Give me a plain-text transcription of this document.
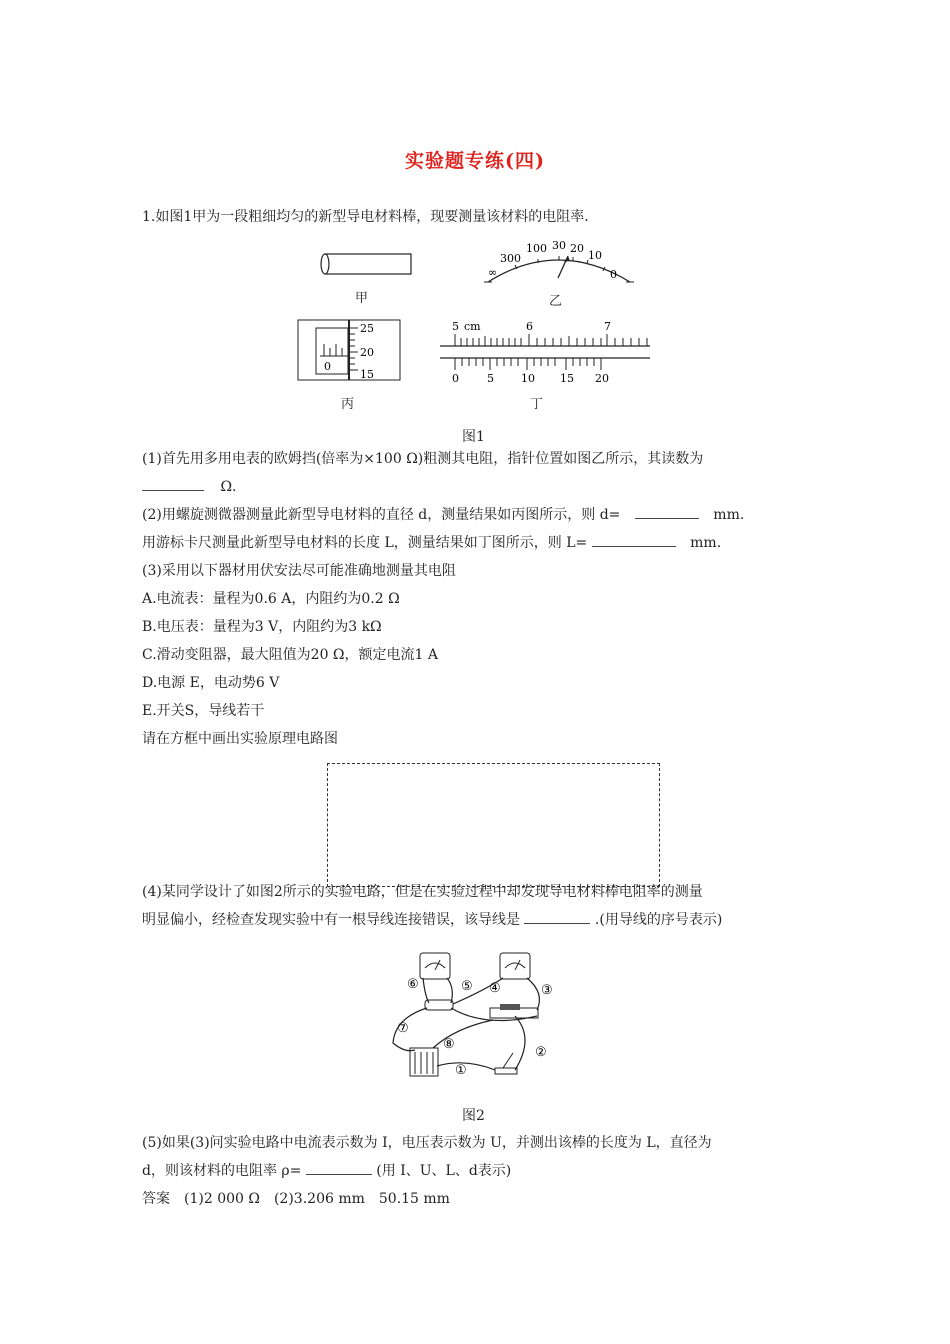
实验题专练(四)
1.如图1甲为一段粗细均匀的新型导电材料棒，现要测量该材料的电阻率.
甲
∞
300
100 30 20
10
0
乙
0
25
20
15
丙
5 cm	6	7
0	5 10 15 20
丁
图1
(1)首先用多用电表的欧姆挡(倍率为×100 Ω)粗测其电阻，指针位置如图乙所示，其读数为
Ω.
(2)用螺旋测微器测量此新型导电材料的直径 d，测量结果如丙图所示，则 d=	mm.
用游标卡尺测量此新型导电材料的长度 L，测量结果如丁图所示，则 L=	mm.
(3)采用以下器材用伏安法尽可能准确地测量其电阻
A.电流表：量程为0.6 A，内阻约为0.2 Ω
B.电压表：量程为3 V，内阻约为3 kΩ
C.滑动变阻器，最大阻值为20 Ω，额定电流1 A
D.电源 E，电动势6 V
E.开关S，导线若干
请在方框中画出实验原理电路图
(4)某同学设计了如图2所示的实验电路，但是在实验过程中却发现导电材料棒电阻率的测量
明显偏小，经检查发现实验中有一根导线连接错误，该导线是	.(用导线的序号表示)
⑥	⑤ ④	③
⑦
⑧
②
①
图2
(5)如果(3)问实验电路中电流表示数为 I，电压表示数为 U，并测出该棒的长度为 L，直径为
d，则该材料的电阻率 ρ=	(用 I、U、L、d表示)
答案　(1)2 000 Ω　(2)3.206 mm　50.15 mm
